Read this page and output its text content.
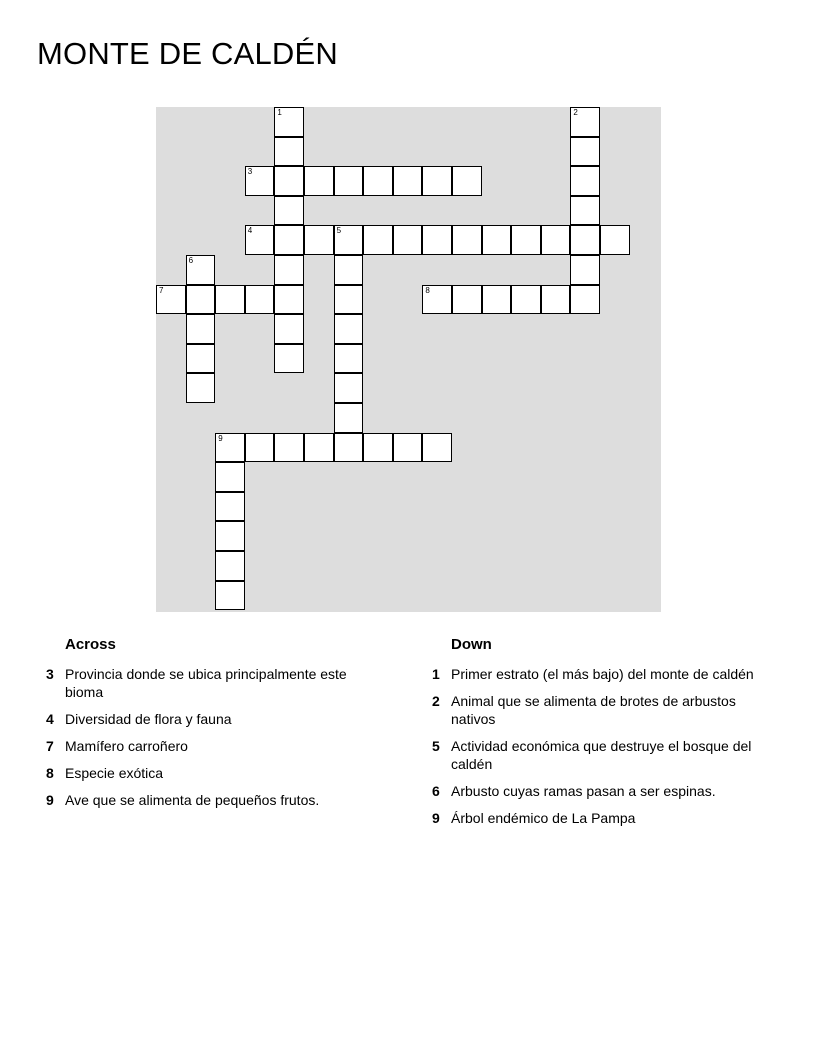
MONTE DE CALDÉN
1	2
3
4	5
6
7	8
9
Across
3 Provincia donde se ubica principalmente este bioma
4 Diversidad de flora y fauna
7 Mamífero carroñero
8 Especie exótica
9 Ave que se alimenta de pequeños frutos.
Down
1 Primer estrato (el más bajo) del monte de caldén
2 Animal que se alimenta de brotes de arbustos nativos
5 Actividad económica que destruye el bosque del caldén
6 Arbusto cuyas ramas pasan a ser espinas.
9 Árbol endémico de La Pampa
